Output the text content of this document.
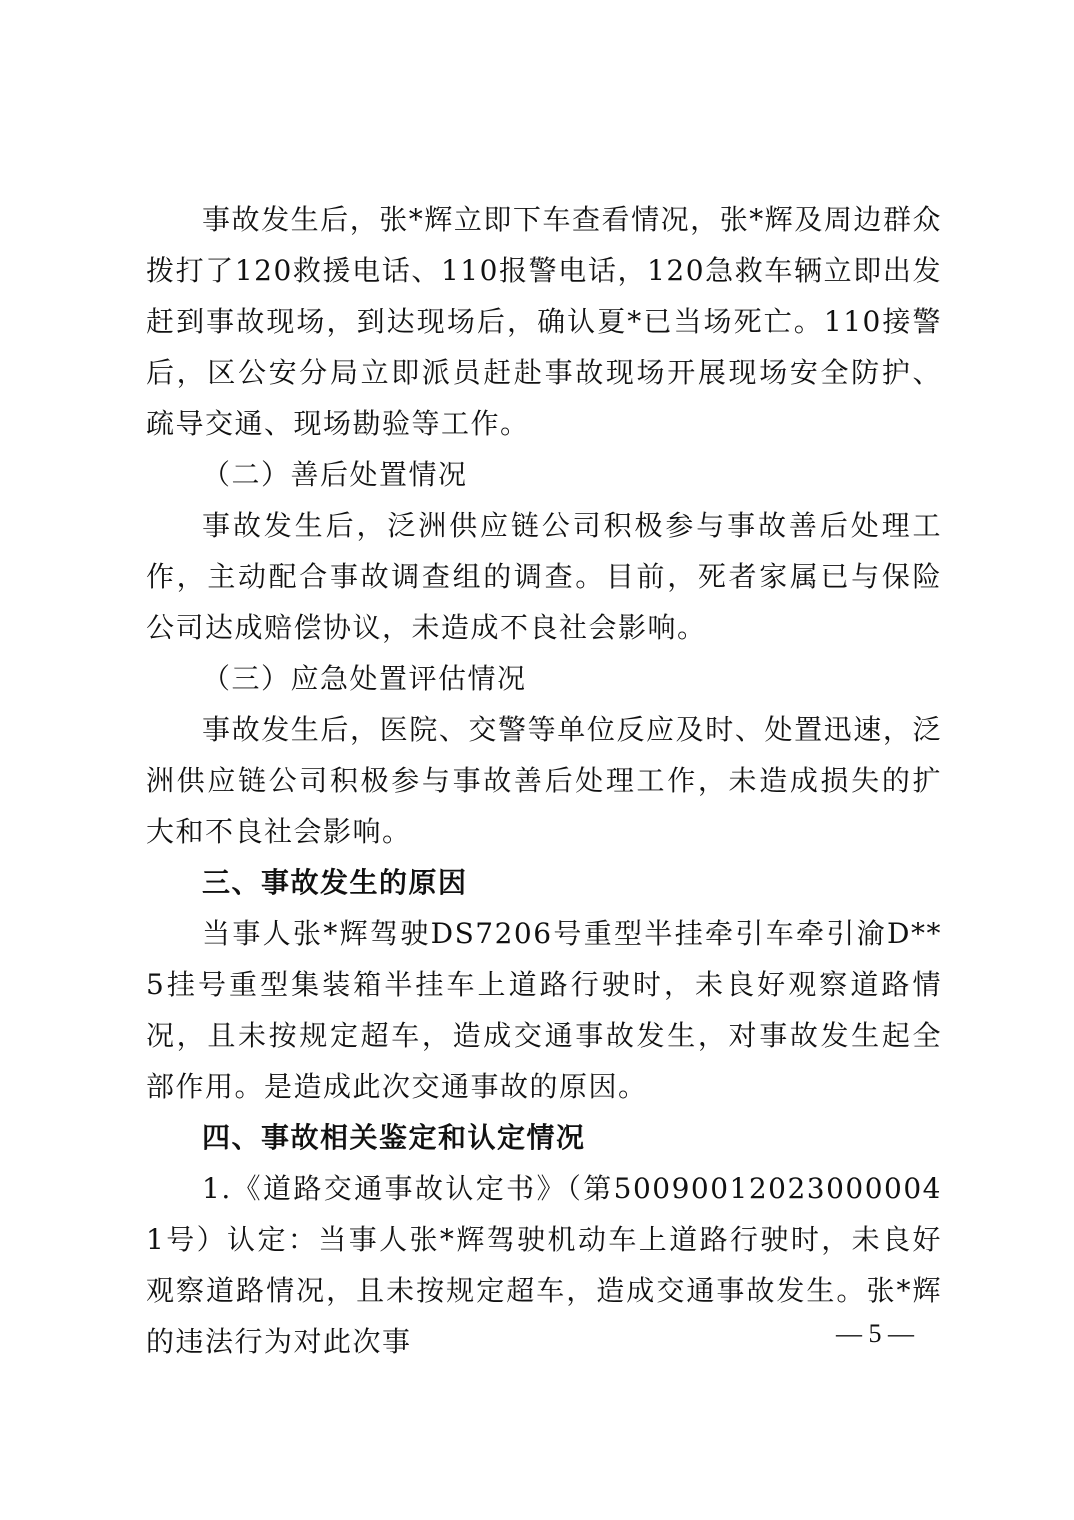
事故发生后，张*辉立即下车查看情况，张*辉及周边群众拨打了120救援电话、110报警电话，120急救车辆立即出发赶到事故现场，到达现场后，确认夏*已当场死亡。110接警后，区公安分局立即派员赶赴事故现场开展现场安全防护、疏导交通、现场勘验等工作。

（二）善后处置情况

事故发生后，泛洲供应链公司积极参与事故善后处理工作，主动配合事故调查组的调查。目前，死者家属已与保险公司达成赔偿协议，未造成不良社会影响。

（三）应急处置评估情况

事故发生后，医院、交警等单位反应及时、处置迅速，泛洲供应链公司积极参与事故善后处理工作，未造成损失的扩大和不良社会影响。

三、事故发生的原因

当事人张*辉驾驶DS7206号重型半挂牵引车牵引渝D**5挂号重型集装箱半挂车上道路行驶时，未良好观察道路情况，且未按规定超车，造成交通事故发生，对事故发生起全部作用。是造成此次交通事故的原因。

四、事故相关鉴定和认定情况

1.《道路交通事故认定书》（第500900120230000041号）认定：当事人张*辉驾驶机动车上道路行驶时，未良好观察道路情况，且未按规定超车，造成交通事故发生。张*辉的违法行为对此次事	— 5 —
